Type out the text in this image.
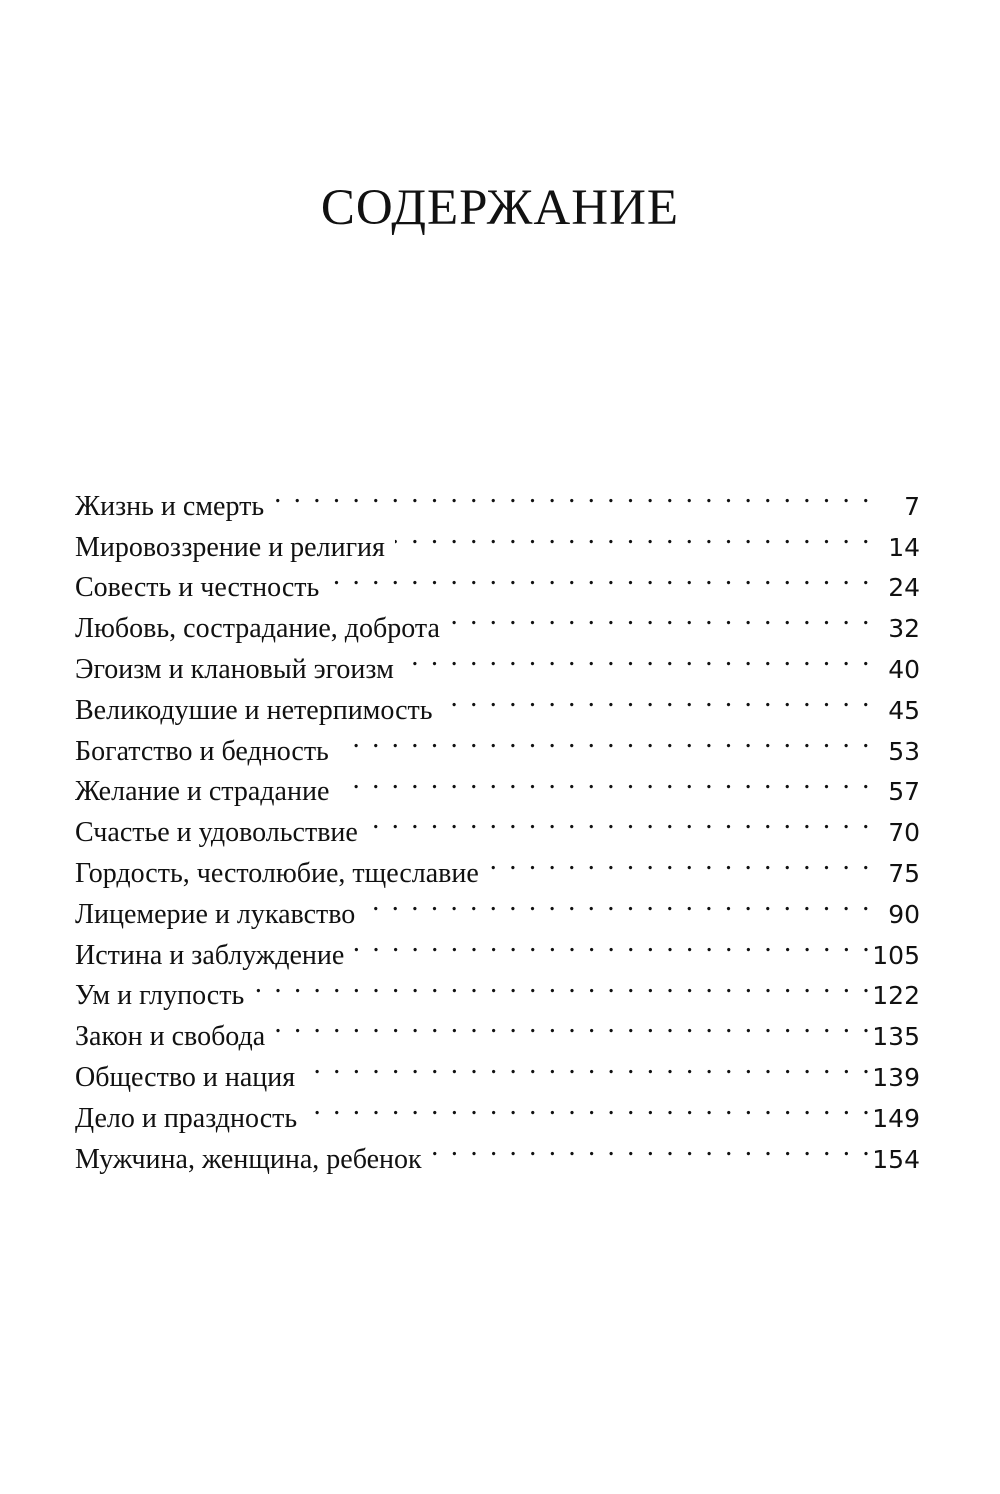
СОДЕРЖАНИЕ
Жизнь и смерть . . .	7
Мировоззрение и религия . . .	14
Совесть и честность . . .	24
Любовь, сострадание, доброта . . .	32
Эгоизм и клановый эгоизм . . .	40
Великодушие и нетерпимость . . .	45
Богатство и бедность . . .	53
Желание и страдание . . .	57
Счастье и удовольствие . . .	70
Гордость, честолюбие, тщеславие . . .	75
Лицемерие и лукавство . . .	90
Истина и заблуждение . . .	105
Ум и глупость . . .	122
Закон и свобода . . .	135
Общество и нация . . .	139
Дело и праздность . . .	149
Мужчина, женщина, ребенок . . .	154
